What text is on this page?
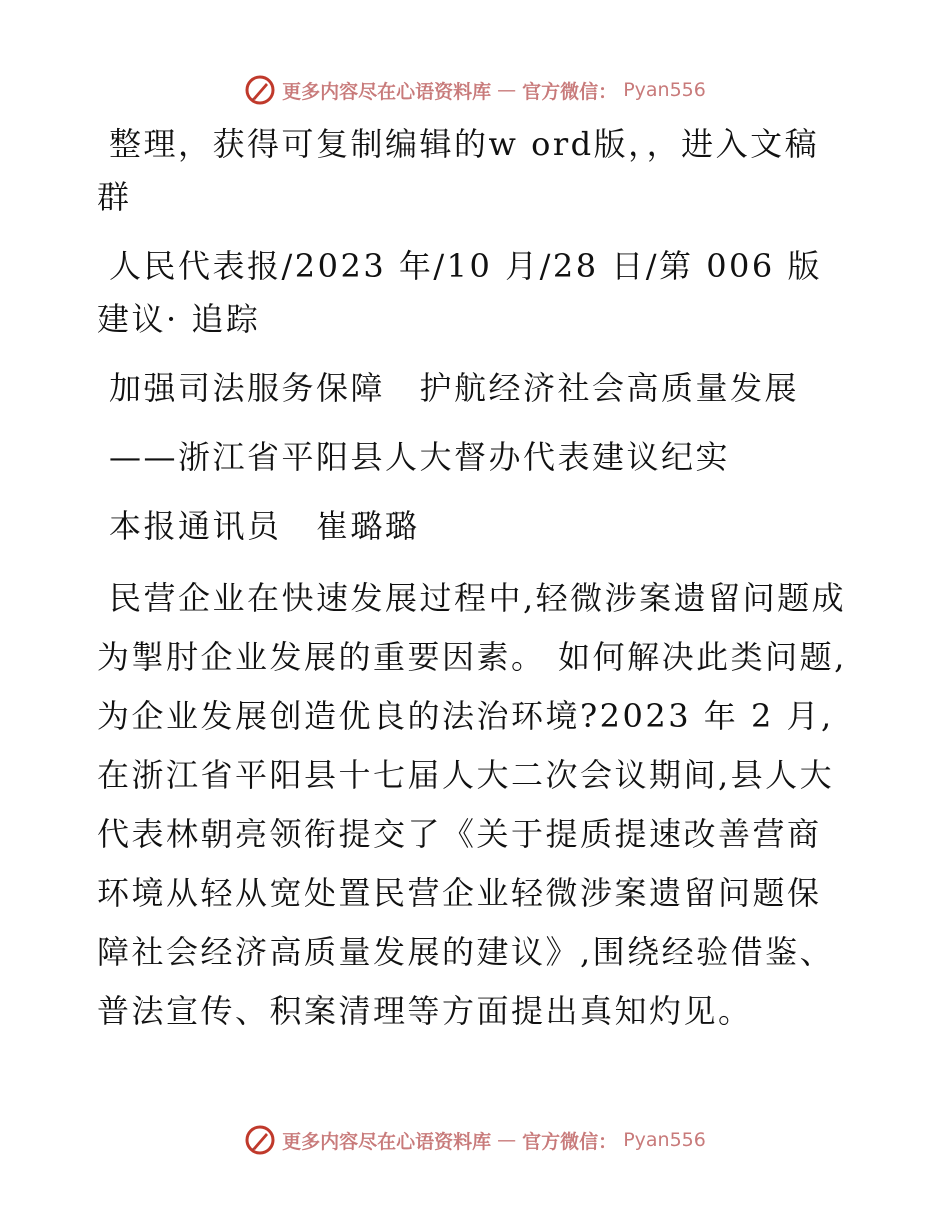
更多内容尽在心语资料库 — 官方微信： Pyan556

整理，获得可复制编辑的w ord版，，进入文稿群

人民代表报/2023 年/10 月/28 日/第 006 版建议· 追踪

加强司法服务保障　护航经济社会高质量发展

——浙江省平阳县人大督办代表建议纪实

本报通讯员　崔璐璐

民营企业在快速发展过程中,轻微涉案遗留问题成为掣肘企业发展的重要因素。 如何解决此类问题,为企业发展创造优良的法治环境?2023 年 2 月,在浙江省平阳县十七届人大二次会议期间,县人大代表林朝亮领衔提交了《关于提质提速改善营商环境从轻从宽处置民营企业轻微涉案遗留问题保障社会经济高质量发展的建议》,围绕经验借鉴、普法宣传、积案清理等方面提出真知灼见。

更多内容尽在心语资料库 — 官方微信： Pyan556
